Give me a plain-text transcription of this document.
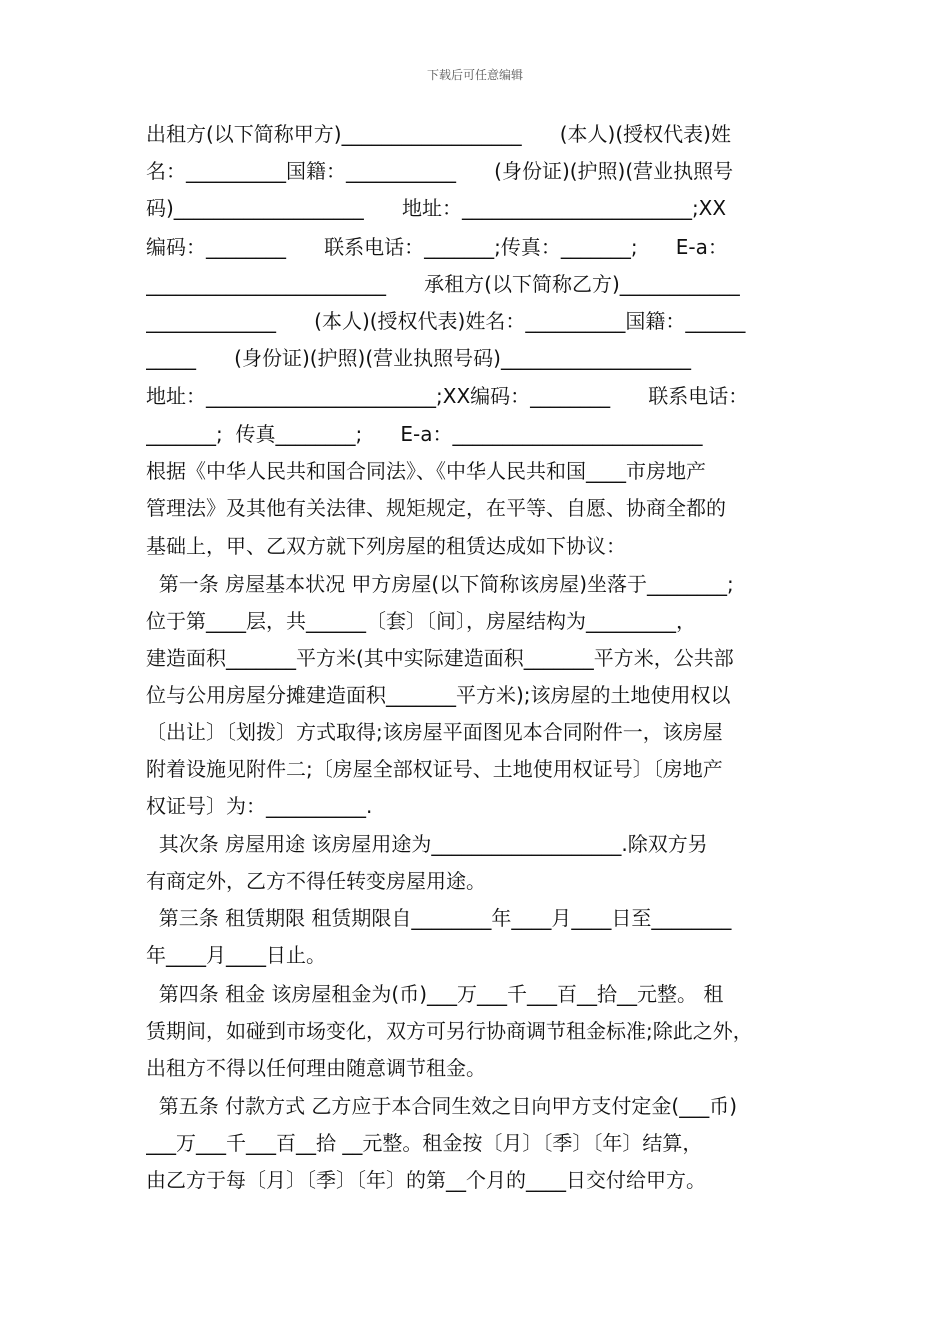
下载后可任意编辑
出租方(以下简称甲方)__________________      (本人)(授权代表)姓
名：__________国籍：___________      (身份证)(护照)(营业执照号
码)___________________      地址：_______________________;XX
编码：________      联系电话：_______;传真：_______;      E-a：
________________________      承租方(以下简称乙方)____________
_____________      (本人)(授权代表)姓名：__________国籍：______
_____      (身份证)(护照)(营业执照号码)___________________
地址：_______________________;XX编码：________      联系电话：
_______;  传真________;      E-a：_________________________
根据《中华人民共和国合同法》、《中华人民共和国____市房地产
管理法》及其他有关法律、规矩规定，在平等、自愿、协商全都的
基础上，甲、乙双方就下列房屋的租赁达成如下协议：
第一条 房屋基本状况 甲方房屋(以下简称该房屋)坐落于________;
位于第____层，共______〔套〕〔间〕，房屋结构为_________，
建造面积_______平方米(其中实际建造面积_______平方米，公共部
位与公用房屋分摊建造面积_______平方米);该房屋的土地使用权以
〔出让〕〔划拨〕方式取得;该房屋平面图见本合同附件一，该房屋
附着设施见附件二;〔房屋全部权证号、土地使用权证号〕〔房地产
权证号〕为：__________.
其次条 房屋用途 该房屋用途为___________________.除双方另
有商定外，乙方不得任转变房屋用途。
第三条 租赁期限 租赁期限自________年____月____日至________
年____月____日止。
第四条 租金 该房屋租金为(币)___万___千___百__拾__元整。 租
赁期间，如碰到市场变化，双方可另行协商调节租金标准;除此之外，
出租方不得以任何理由随意调节租金。
第五条 付款方式 乙方应于本合同生效之日向甲方支付定金(___币)
___万___千___百__拾 __元整。租金按〔月〕〔季〕〔年〕结算，
由乙方于每〔月〕〔季〕〔年〕的第__个月的____日交付给甲方。
